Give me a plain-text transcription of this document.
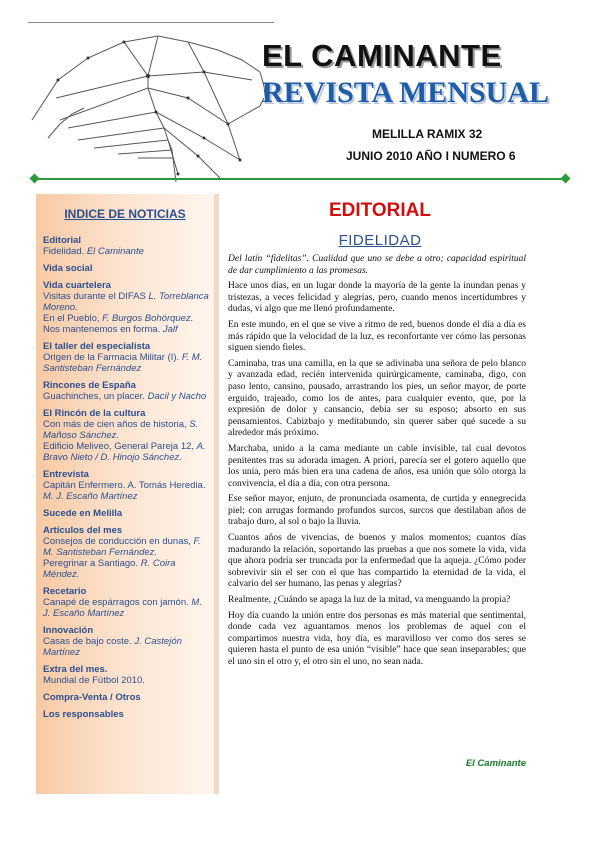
EL CAMINANTE
REVISTA MENSUAL
MELILLA RAMIX 32
JUNIO 2010 AÑO I NUMERO 6
INDICE DE NOTICIAS
Editorial
Fidelidad. El Caminante
Vida social
Vida cuartelera
Visitas durante el DIFAS L. Torreblanca Moreno.
En el Pueblo, F. Burgos Bohórquez.
Nos mantenemos en forma. Jalf
El taller del especialista
Origen de la Farmacia Militar (I). F. M. Santisteban Fernández
Rincones de España
Guachinches, un placer. Dacil y Nacho
El Rincón de la cultura
Con más de cien años de historia, S. Mañoso Sánchez.
Edificio Meliveo, General Pareja 12, A. Bravo Nieto / D. Hinojo Sánchez.
Entrevista
Capitán Enfermero. A. Tomás Heredia. M. J. Escaño Martínez
Sucede en Melilla
Artículos del mes
Consejos de conducción en dunas, F. M. Santisteban Fernández.
Peregrinar a Santiago. R. Coira Méndez.
Recetario
Canapé de espárragos con jamón. M. J. Escaño Martínez
Innovación
Casas de bajo coste. J. Castejón Martínez
Extra del mes.
Mundial de Fútbol 2010.
Compra-Venta / Otros
Los responsables
EDITORIAL
FIDELIDAD

Del latín “fidelitas”. Cualidad que uno se debe a otro; capacidad espiritual de dar cumplimiento a las promesas.

Hace unos días, en un lugar donde la mayoría de la gente la inundan penas y tristezas, a veces felicidad y alegrías, pero, cuando menos incertidumbres y dudas, vi algo que me llenó profundamente.

En este mundo, en el que se vive a ritmo de red, buenos donde el día a día es más rápido que la velocidad de la luz, es reconfortante ver cómo las personas siguen siendo fieles.

Caminaba, tras una camilla, en la que se adivinaba una señora de pelo blanco y avanzada edad, recién intervenida quirúrgicamente, caminaba, digo, con paso lento, cansino, pausado, arrastrando los pies, un señor mayor, de porte erguido, trajeado, como los de antes, para cualquier evento, que, por la expresión de dolor y cansancio, debía ser su esposo; absorto en sus pensamientos. Cabizbajo y meditabundo, sin querer saber qué sucede a su alrededor más próximo.

Marchaba, unido a la cama mediante un cable invisible, tal cual devotos penitentes tras su adorada imagen. A priori, parecía ser el gotero aquello que los unía, pero más bien era una cadena de años, esa unión que sólo otorga la convivencia, el día a día, con otra persona.

Ese señor mayor, enjuto, de pronunciada osamenta, de curtida y ennegrecida piel; con arrugas formando profundos surcos, surcos que destilaban años de trabajo duro, al sol o bajo la lluvia.

Cuantos años de vivencias, de buenos y malos momentos; cuantos días madurando la relación, soportando las pruebas a que nos somete la vida, vida que ahora podría ser truncada por la enfermedad que la aqueja. ¿Cómo poder sobrevivir sin el ser con el que has compartido la eternidad de la vida, el calvario del ser humano, las penas y alegrías?

Realmente, ¿Cuándo se apaga la luz de la mitad, va menguando la propia?

Hoy día cuando la unión entre dos personas es más material que sentimental, donde cada vez aguantamos menos los problemas de aquel con el compartimos nuestra vida, hoy día, es maravilloso ver como dos seres se quieren hasta el punto de esa unión “visible” hace que sean inseparables; que el uno sin el otro y, el otro sin el uno, no sean nada.

El Caminante
